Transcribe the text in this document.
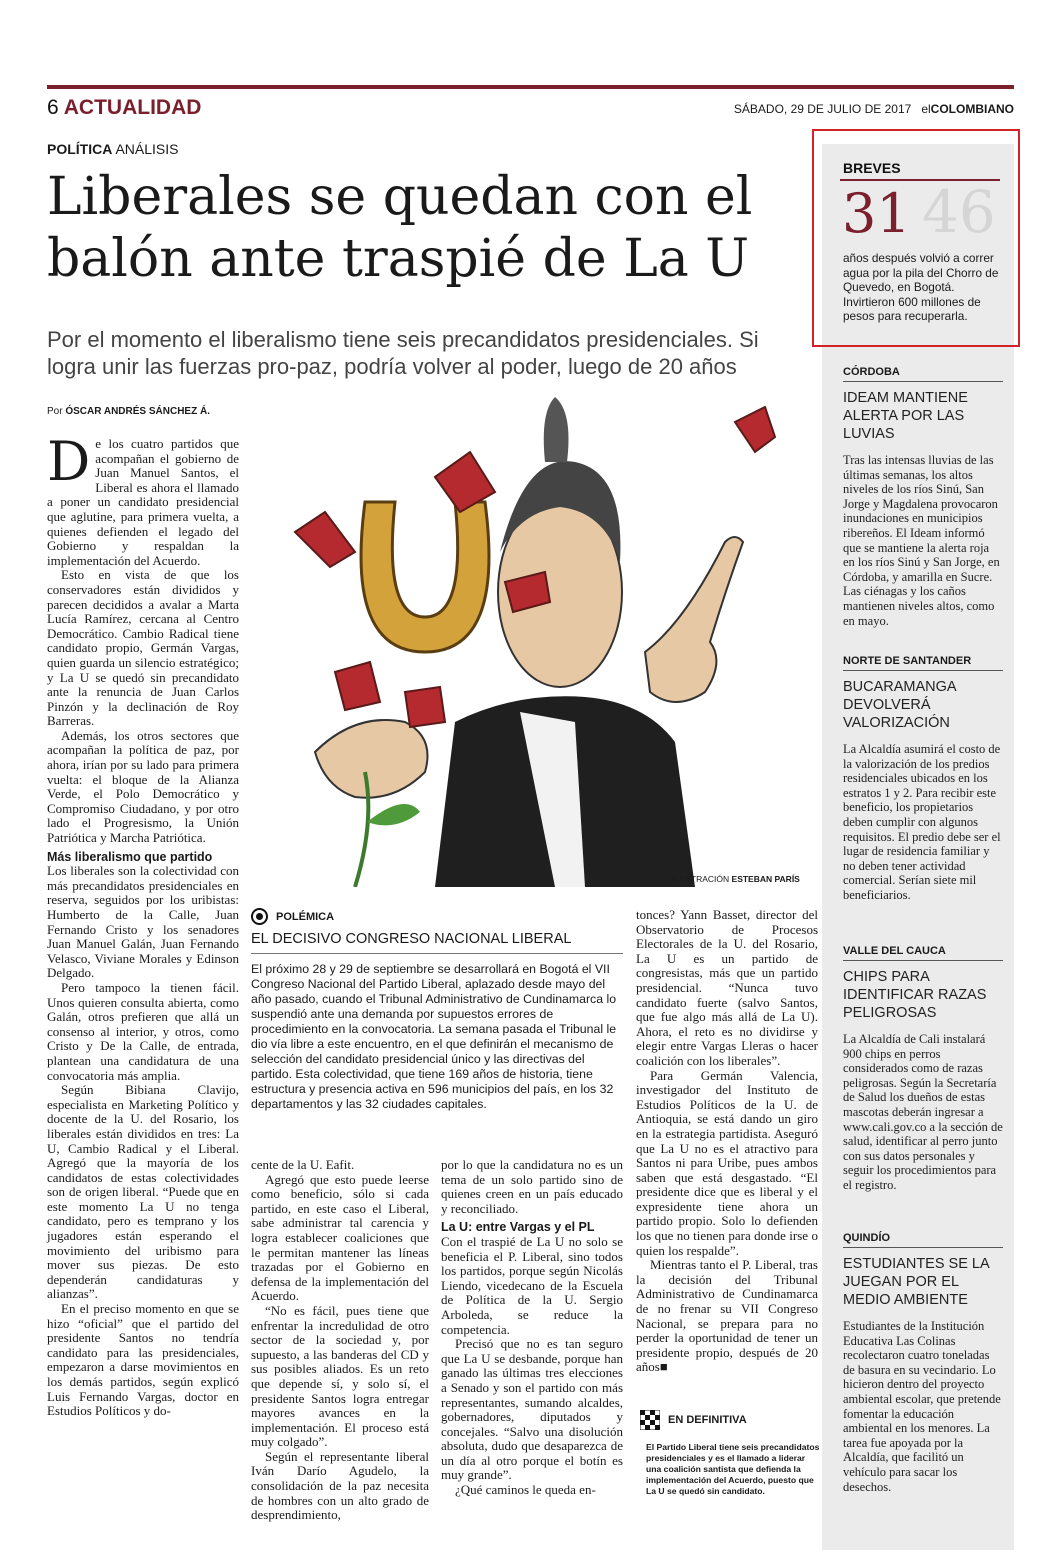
6 ACTUALIDAD	SÁBADO, 29 DE JULIO DE 2017 elCOLOMBIANO
POLÍTICA ANÁLISIS
Liberales se quedan con el
balón ante traspié de La U
Por el momento el liberalismo tiene seis precandidatos presidenciales. Si
logra unir las fuerzas pro-paz, podría volver al poder, luego de 20 años
Por ÓSCAR ANDRÉS SÁNCHEZ Á.
ILUSTRACIÓN ESTEBAN PARÍS
D e los cuatro partidos que acompañan el gobierno de Juan Manuel Santos, el Liberal es ahora el llamado a poner un candidato presidencial que aglutine, para primera vuelta, a quienes defienden el legado del Gobierno y respaldan la implementación del Acuerdo.

Esto en vista de que los conservadores están divididos y parecen decididos a avalar a Marta Lucía Ramírez, cercana al Centro Democrático. Cambio Radical tiene candidato propio, Germán Vargas, quien guarda un silencio estratégico; y La U se quedó sin precandidato ante la renuncia de Juan Carlos Pinzón y la declinación de Roy Barreras.

Además, los otros sectores que acompañan la política de paz, por ahora, irían por su lado para primera vuelta: el bloque de la Alianza Verde, el Polo Democrático y Compromiso Ciudadano, y por otro lado el Progresismo, la Unión Patriótica y Marcha Patriótica.

Más liberalismo que partido

Los liberales son la colectividad con más precandidatos presidenciales en reserva, seguidos por los uribistas: Humberto de la Calle, Juan Fernando Cristo y los senadores Juan Manuel Galán, Juan Fernando Velasco, Viviane Morales y Edinson Delgado.

Pero tampoco la tienen fácil. Unos quieren consulta abierta, como Galán, otros prefieren que allá un consenso al interior, y otros, como Cristo y De la Calle, de entrada, plantean una candidatura de una convocatoria más amplia.

Según Bibiana Clavijo, especialista en Marketing Político y docente de la U. del Rosario, los liberales están divididos en tres: La U, Cambio Radical y el Liberal. Agregó que la mayoría de los candidatos de estas colectividades son de origen liberal. “Puede que en este momento La U no tenga candidato, pero es temprano y los jugadores están esperando el movimiento del uribismo para mover sus piezas. De esto dependerán candidaturas y alianzas”.

En el preciso momento en que se hizo “oficial” que el partido del presidente Santos no tendría candidato para las presidenciales, empezaron a darse movimientos en los demás partidos, según explicó Luis Fernando Vargas, doctor en Estudios Políticos y do-

POLÉMICA
EL DECISIVO CONGRESO NACIONAL LIBERAL
El próximo 28 y 29 de septiembre se desarrollará en Bogotá el VII Congreso Nacional del Partido Liberal, aplazado desde mayo del año pasado, cuando el Tribunal Administrativo de Cundinamarca lo suspendió ante una demanda por supuestos errores de procedimiento en la convocatoria. La semana pasada el Tribunal le dio vía libre a este encuentro, en el que definirán el mecanismo de selección del candidato presidencial único y las directivas del partido. Esta colectividad, que tiene 169 años de historia, tiene estructura y presencia activa en 596 municipios del país, en los 32 departamentos y las 32 ciudades capitales.

cente de la U. Eafit.

Agregó que esto puede leerse como beneficio, sólo si cada partido, en este caso el Liberal, sabe administrar tal carencia y logra establecer coaliciones que le permitan mantener las líneas trazadas por el Gobierno en defensa de la implementación del Acuerdo.

“No es fácil, pues tiene que enfrentar la incredulidad de otro sector de la sociedad y, por supuesto, a las banderas del CD y sus posibles aliados. Es un reto que depende sí, y solo sí, el presidente Santos logra entregar mayores avances en la implementación. El proceso está muy colgado”.

Según el representante liberal Iván Darío Agudelo, la consolidación de la paz necesita de hombres con un alto grado de desprendimiento,

por lo que la candidatura no es un tema de un solo partido sino de quienes creen en un país educado y reconciliado.

La U: entre Vargas y el PL

Con el traspié de La U no solo se beneficia el P. Liberal, sino todos los partidos, porque según Nicolás Liendo, vicedecano de la Escuela de Política de la U. Sergio Arboleda, se reduce la competencia.

Precisó que no es tan seguro que La U se desbande, porque han ganado las últimas tres elecciones a Senado y son el partido con más representantes, sumando alcaldes, gobernadores, diputados y concejales. “Salvo una disolución absoluta, dudo que desaparezca de un día al otro porque el botín es muy grande”.

¿Qué caminos le queda en-

tonces? Yann Basset, director del Observatorio de Procesos Electorales de la U. del Rosario, La U es un partido de congresistas, más que un partido presidencial. “Nunca tuvo candidato fuerte (salvo Santos, que fue algo más allá de La U). Ahora, el reto es no dividirse y elegir entre Vargas Lleras o hacer coalición con los liberales”.

Para Germán Valencia, investigador del Instituto de Estudios Políticos de la U. de Antioquia, se está dando un giro en la estrategia partidista. Aseguró que La U no es el atractivo para Santos ni para Uribe, pues ambos saben que está desgastado. “El presidente dice que es liberal y el expresidente tiene ahora un partido propio. Solo lo defienden los que no tienen para donde irse o quien los respalde”.

Mientras tanto el P. Liberal, tras la decisión del Tribunal Administrativo de Cundinamarca de no frenar su VII Congreso Nacional, se prepara para no perder la oportunidad de tener un presidente propio, después de 20 años■

EN DEFINITIVA
El Partido Liberal tiene seis precandidatos presidenciales y es el llamado a liderar una coalición santista que defienda la implementación del Acuerdo, puesto que La U se quedó sin candidato.
BREVES
46
31
años después volvió a correr agua por la pila del Chorro de Quevedo, en Bogotá. Invirtieron 600 millones de pesos para recuperarla.
CÓRDOBA
IDEAM MANTIENE ALERTA POR LAS LUVIAS
Tras las intensas lluvias de las últimas semanas, los altos niveles de los ríos Sinú, San Jorge y Magdalena provocaron inundaciones en municipios ribereños. El Ideam informó que se mantiene la alerta roja en los ríos Sinú y San Jorge, en Córdoba, y amarilla en Sucre. Las ciénagas y los caños mantienen niveles altos, como en mayo.
NORTE DE SANTANDER
BUCARAMANGA DEVOLVERÁ VALORIZACIÓN
La Alcaldía asumirá el costo de la valorización de los predios residenciales ubicados en los estratos 1 y 2. Para recibir este beneficio, los propietarios deben cumplir con algunos requisitos. El predio debe ser el lugar de residencia familiar y no deben tener actividad comercial. Serían siete mil beneficiarios.
VALLE DEL CAUCA
CHIPS PARA IDENTIFICAR RAZAS PELIGROSAS
La Alcaldía de Cali instalará 900 chips en perros considerados como de razas peligrosas. Según la Secretaría de Salud los dueños de estas mascotas deberán ingresar a www.cali.gov.co a la sección de salud, identificar al perro junto con sus datos personales y seguir los procedimientos para el registro.
QUINDÍO
ESTUDIANTES SE LA JUEGAN POR EL MEDIO AMBIENTE
Estudiantes de la Institución Educativa Las Colinas recolectaron cuatro toneladas de basura en su vecindario. Lo hicieron dentro del proyecto ambiental escolar, que pretende fomentar la educación ambiental en los menores. La tarea fue apoyada por la Alcaldía, que facilitó un vehículo para sacar los desechos.
